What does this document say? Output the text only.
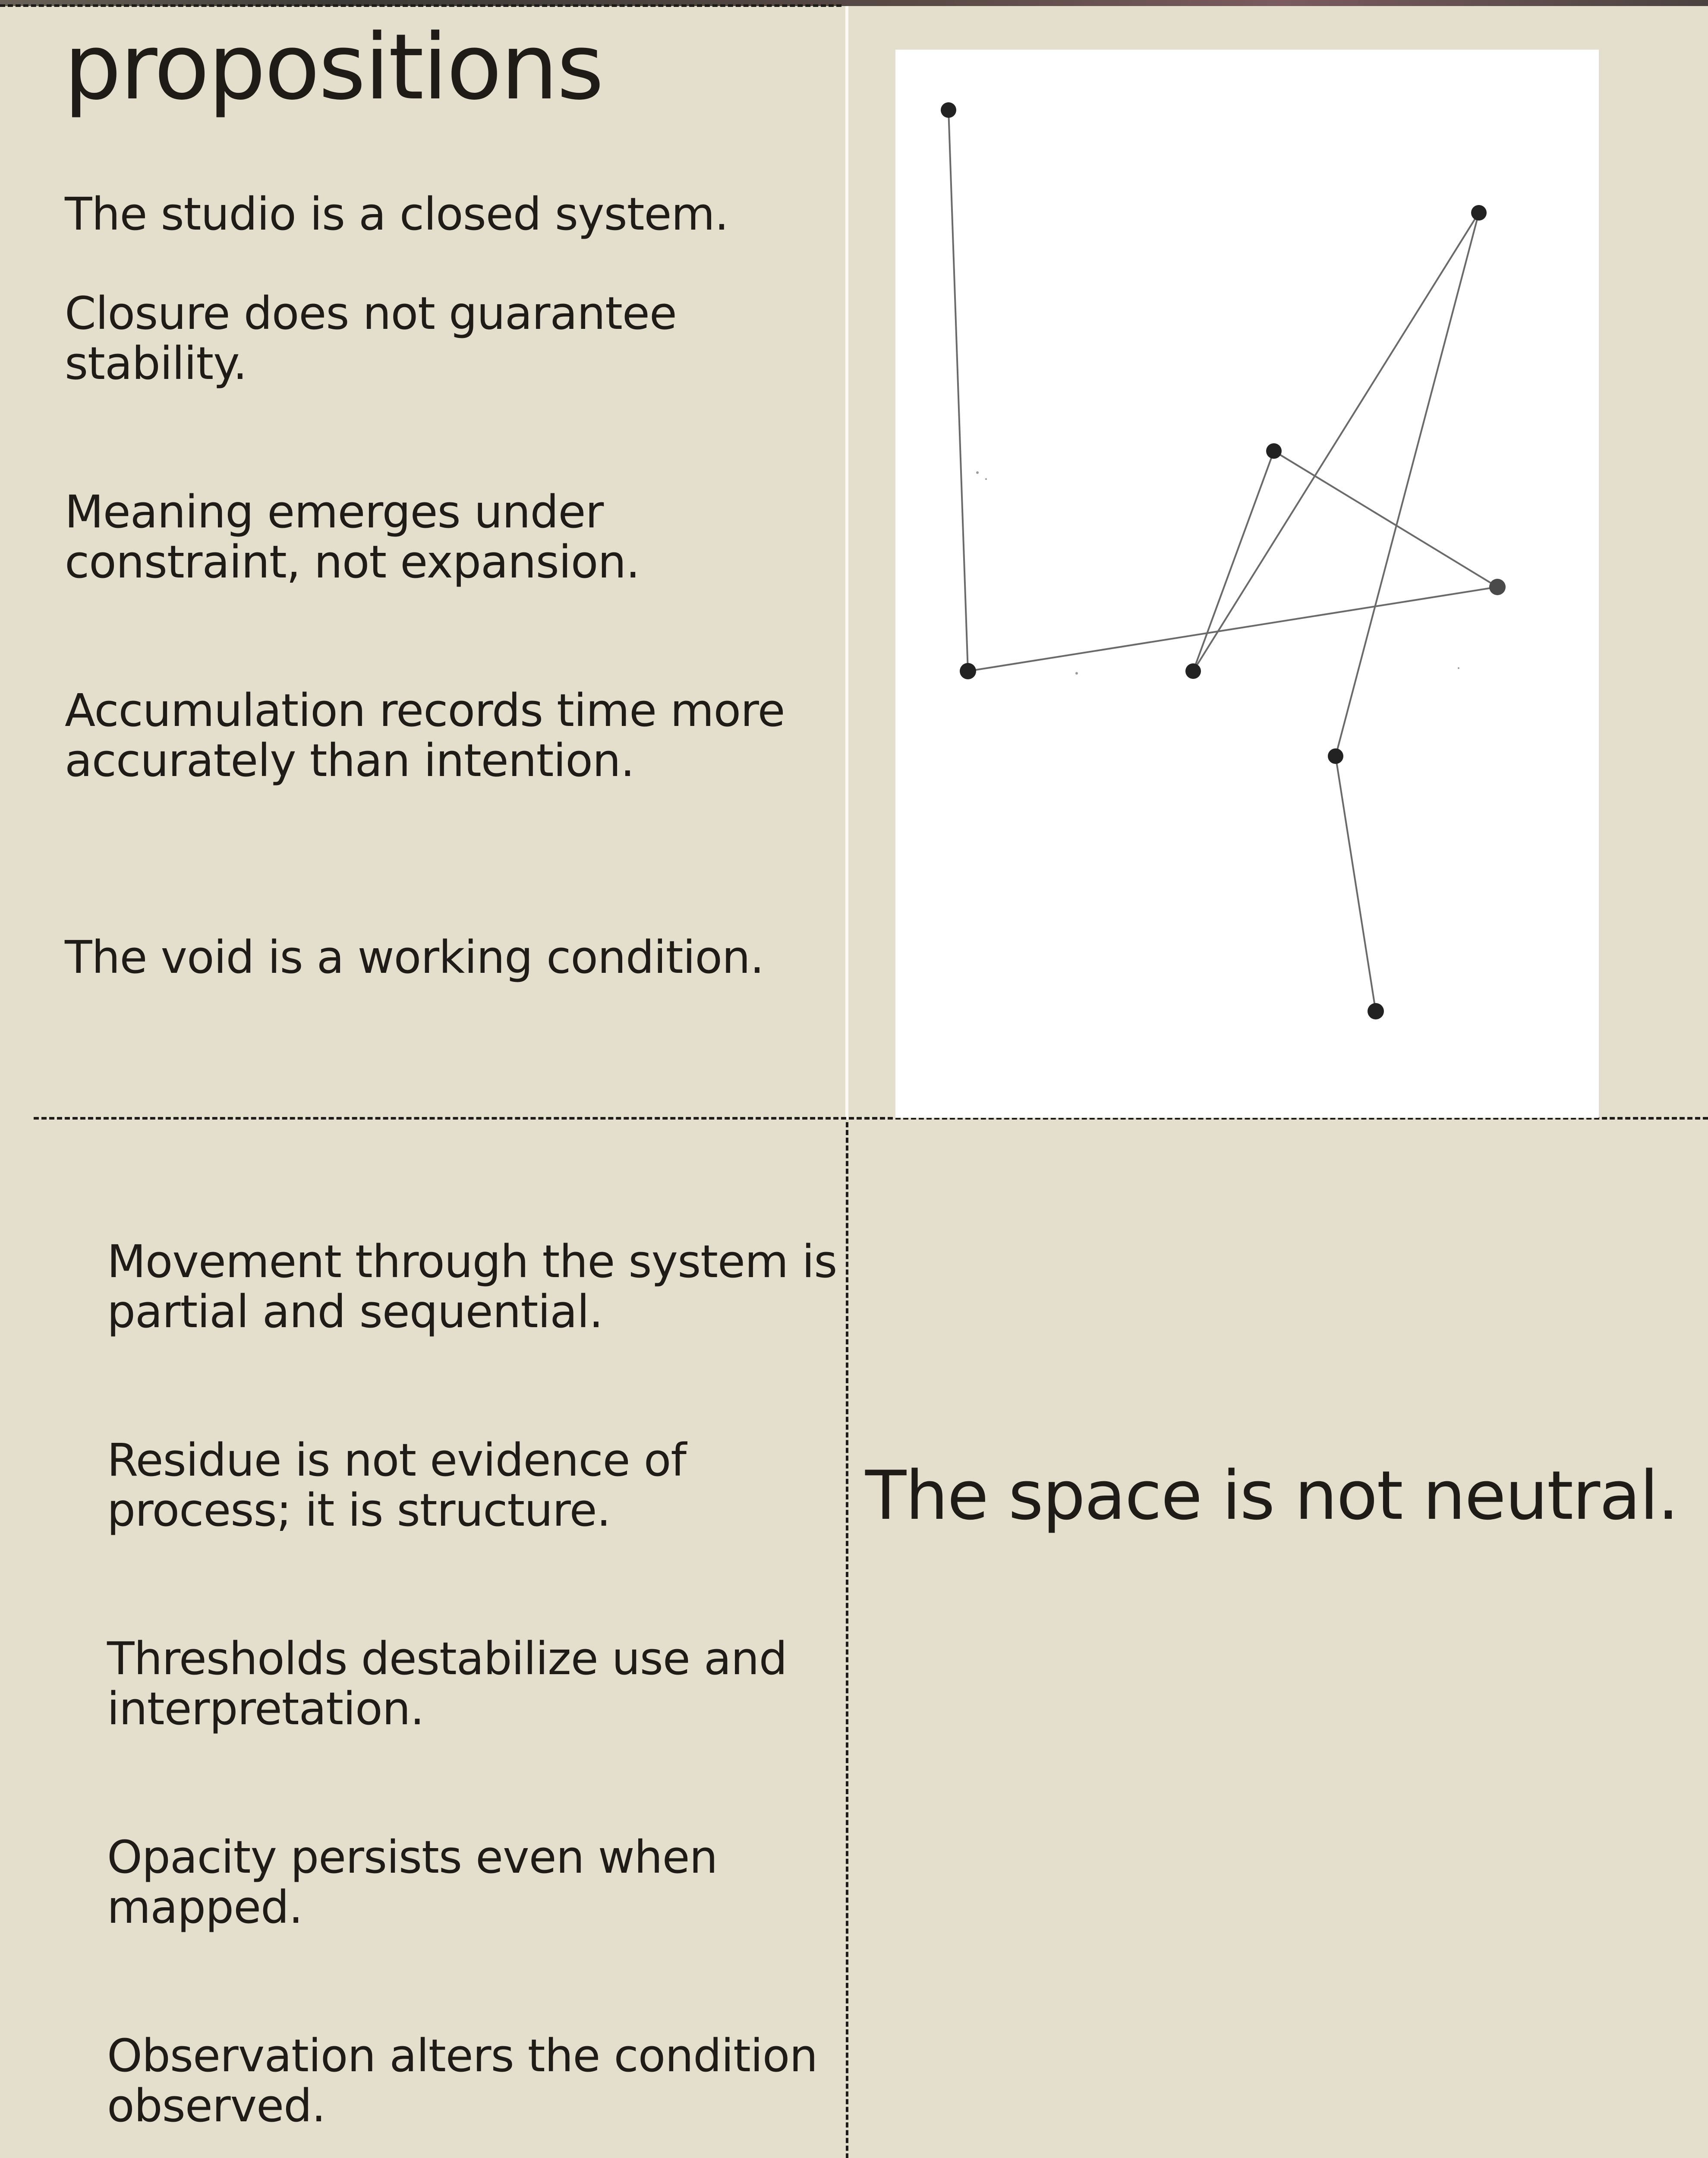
propositions

The studio is a closed system.

Closure does not guarantee stability.

Meaning emerges under constraint, not expansion.

Accumulation records time more accurately than intention.

The void is a working condition.

Movement through the system is partial and sequential.

Residue is not evidence of process; it is structure.

Thresholds destabilize use and interpretation.

Opacity persists even when mapped.

Observation alters the condition observed.

The space is not neutral.
